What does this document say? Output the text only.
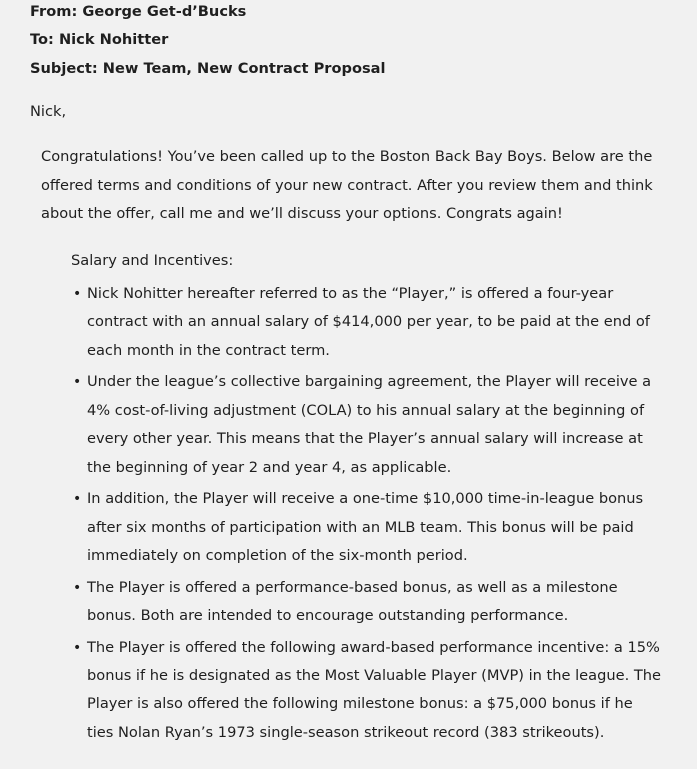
From: George Get-d’Bucks
To: Nick Nohitter
Subject: New Team, New Contract Proposal
Nick,

Congratulations! You’ve been called up to the Boston Back Bay Boys. Below are the offered terms and conditions of your new contract. After you review them and think about the offer, call me and we’ll discuss your options. Congrats again!

Salary and Incentives:
• Nick Nohitter hereafter referred to as the “Player,” is offered a four-year contract with an annual salary of $414,000 per year, to be paid at the end of each month in the contract term.
• Under the league’s collective bargaining agreement, the Player will receive a 4% cost-of-living adjustment (COLA) to his annual salary at the beginning of every other year. This means that the Player’s annual salary will increase at the beginning of year 2 and year 4, as applicable.
• In addition, the Player will receive a one-time $10,000 time-in-league bonus after six months of participation with an MLB team. This bonus will be paid immediately on completion of the six-month period.
• The Player is offered a performance-based bonus, as well as a milestone bonus. Both are intended to encourage outstanding performance.
• The Player is offered the following award-based performance incentive: a 15% bonus if he is designated as the Most Valuable Player (MVP) in the league. The Player is also offered the following milestone bonus: a $75,000 bonus if he ties Nolan Ryan’s 1973 single-season strikeout record (383 strikeouts).
